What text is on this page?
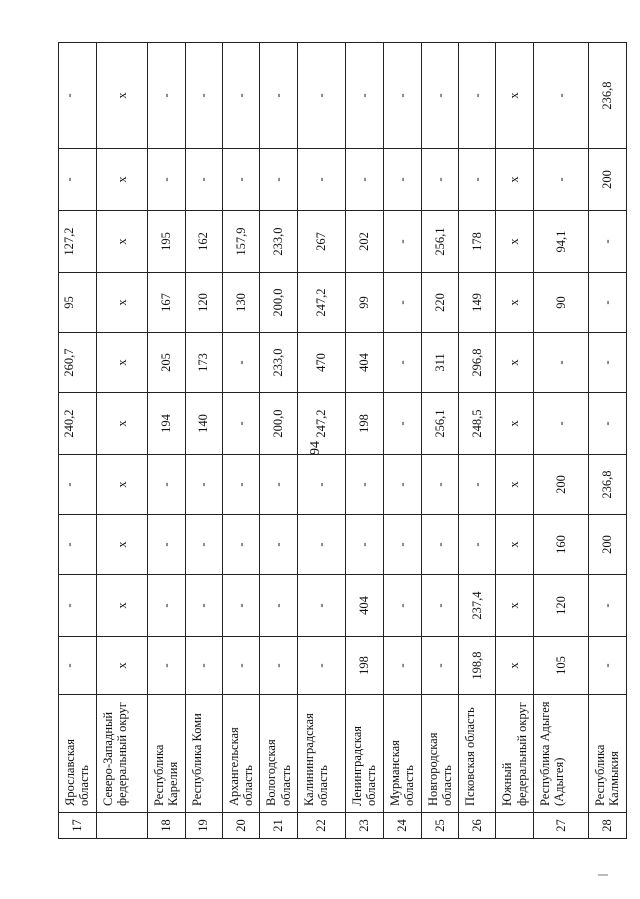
94
17	Ярославская область	-	-	-	-	240,2	260,7	95	127,2	-	-
	Северо-Западный федеральный округ	х	х	х	х	х	х	х	х	х	х
18	Республика Карелия	-	-	-	-	194	205	167	195	-	-
19	Республика Коми	-	-	-	-	140	173	120	162	-	-
20	Архангельская область	-	-	-	-	-	-	130	157,9	-	-
21	Вологодская область	-	-	-	-	200,0	233,0	200,0	233,0	-	-
22	Калининградская область	-	-	-	-	247,2	470	247,2	267	-	-
23	Ленинградская область	198	404	-	-	198	404	99	202	-	-
24	Мурманская область	-	-	-	-	-	-	-	-	-	-
25	Новгородская область	-	-	-	-	256,1	311	220	256,1	-	-
26	Псковская область	198,8	237,4	-	-	248,5	296,8	149	178	-	-
	Южный федеральный округ	х	х	х	х	х	х	х	х	х	х
27	Республика Адыгея (Адыгея)	105	120	160	200	-	-	90	94,1	-	-
28	Республика Калмыкия	-	-	200	236,8	-	-	-	-	200	236,8
